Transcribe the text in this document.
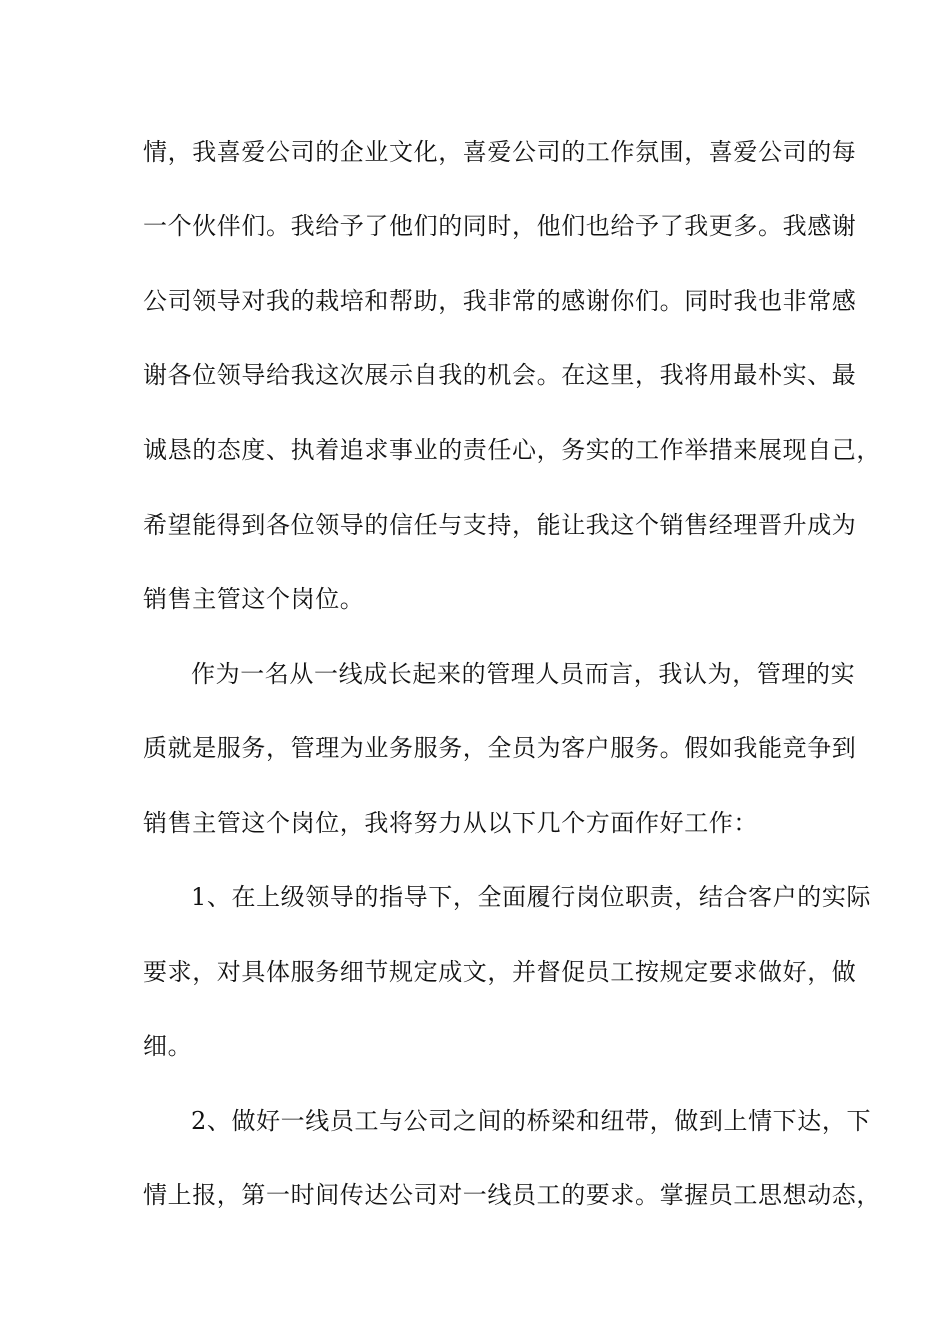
情，我喜爱公司的企业文化，喜爱公司的工作氛围，喜爱公司的每
一个伙伴们。我给予了他们的同时，他们也给予了我更多。我感谢
公司领导对我的栽培和帮助，我非常的感谢你们。同时我也非常感
谢各位领导给我这次展示自我的机会。在这里，我将用最朴实、最
诚恳的态度、执着追求事业的责任心，务实的工作举措来展现自己，
希望能得到各位领导的信任与支持，能让我这个销售经理晋升成为
销售主管这个岗位。
作为一名从一线成长起来的管理人员而言，我认为，管理的实
质就是服务，管理为业务服务，全员为客户服务。假如我能竞争到
销售主管这个岗位，我将努力从以下几个方面作好工作：
1、在上级领导的指导下，全面履行岗位职责，结合客户的实际
要求，对具体服务细节规定成文，并督促员工按规定要求做好，做
细。
2、做好一线员工与公司之间的桥梁和纽带，做到上情下达，下
情上报，第一时间传达公司对一线员工的要求。掌握员工思想动态，
